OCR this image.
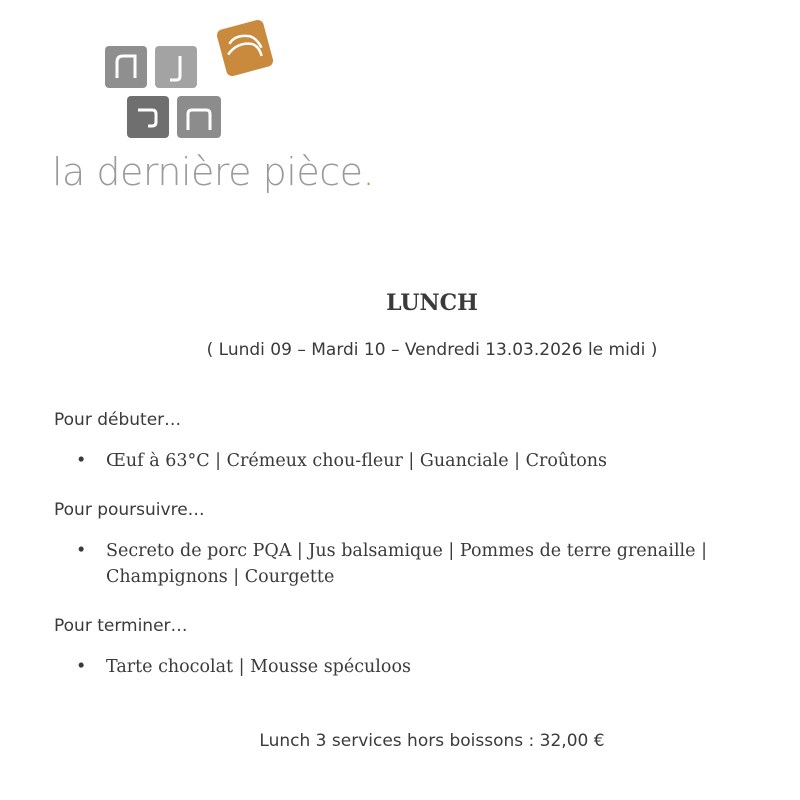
la dernière pièce.
LUNCH
( Lundi 09 – Mardi 10 – Vendredi 13.03.2026 le midi )
Pour débuter…
• Œuf à 63°C | Crémeux chou-fleur | Guanciale | Croûtons
Pour poursuivre…
• Secreto de porc PQA | Jus balsamique | Pommes de terre grenaille | Champignons | Courgette
Pour terminer…
• Tarte chocolat | Mousse spéculoos
Lunch 3 services hors boissons : 32,00 €
